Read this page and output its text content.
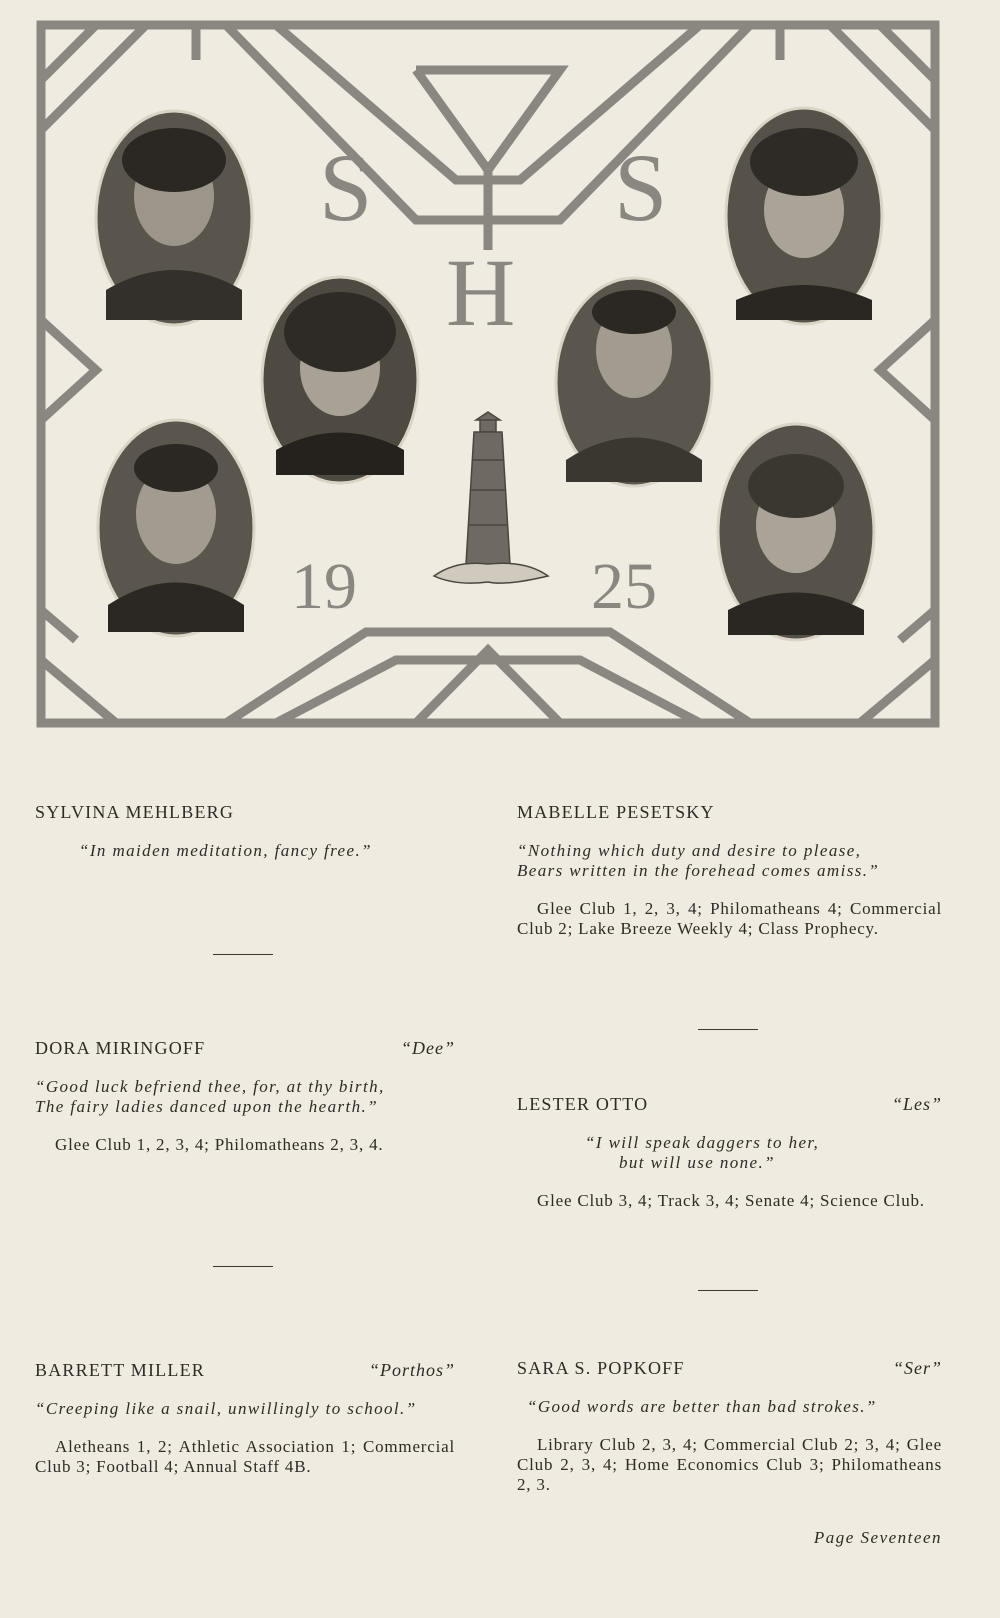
S	S
H
19	25
SYLVINA MEHLBERG
“In maiden meditation, fancy free.”
MABELLE PESETSKY
“Nothing which duty and desire to please,
Bears written in the forehead comes amiss.”
Glee Club 1, 2, 3, 4; Philomatheans 4; Commercial Club 2; Lake Breeze Weekly 4; Class Prophecy.
DORA MIRINGOFF	“Dee”
“Good luck befriend thee, for, at thy birth,
The fairy ladies danced upon the hearth.”
Glee Club 1, 2, 3, 4; Philomatheans 2, 3, 4.
LESTER OTTO	“Les”
“I will speak daggers to her,
but will use none.”
Glee Club 3, 4; Track 3, 4; Senate 4; Science Club.
BARRETT MILLER	“Porthos”
“Creeping like a snail, unwillingly to school.”
Aletheans 1, 2; Athletic Association 1; Commercial Club 3; Football 4; Annual Staff 4B.
SARA S. POPKOFF	“Ser”
“Good words are better than bad strokes.”
Library Club 2, 3, 4; Commercial Club 2; 3, 4; Glee Club 2, 3, 4; Home Economics Club 3; Philomatheans 2, 3.
Page Seventeen
